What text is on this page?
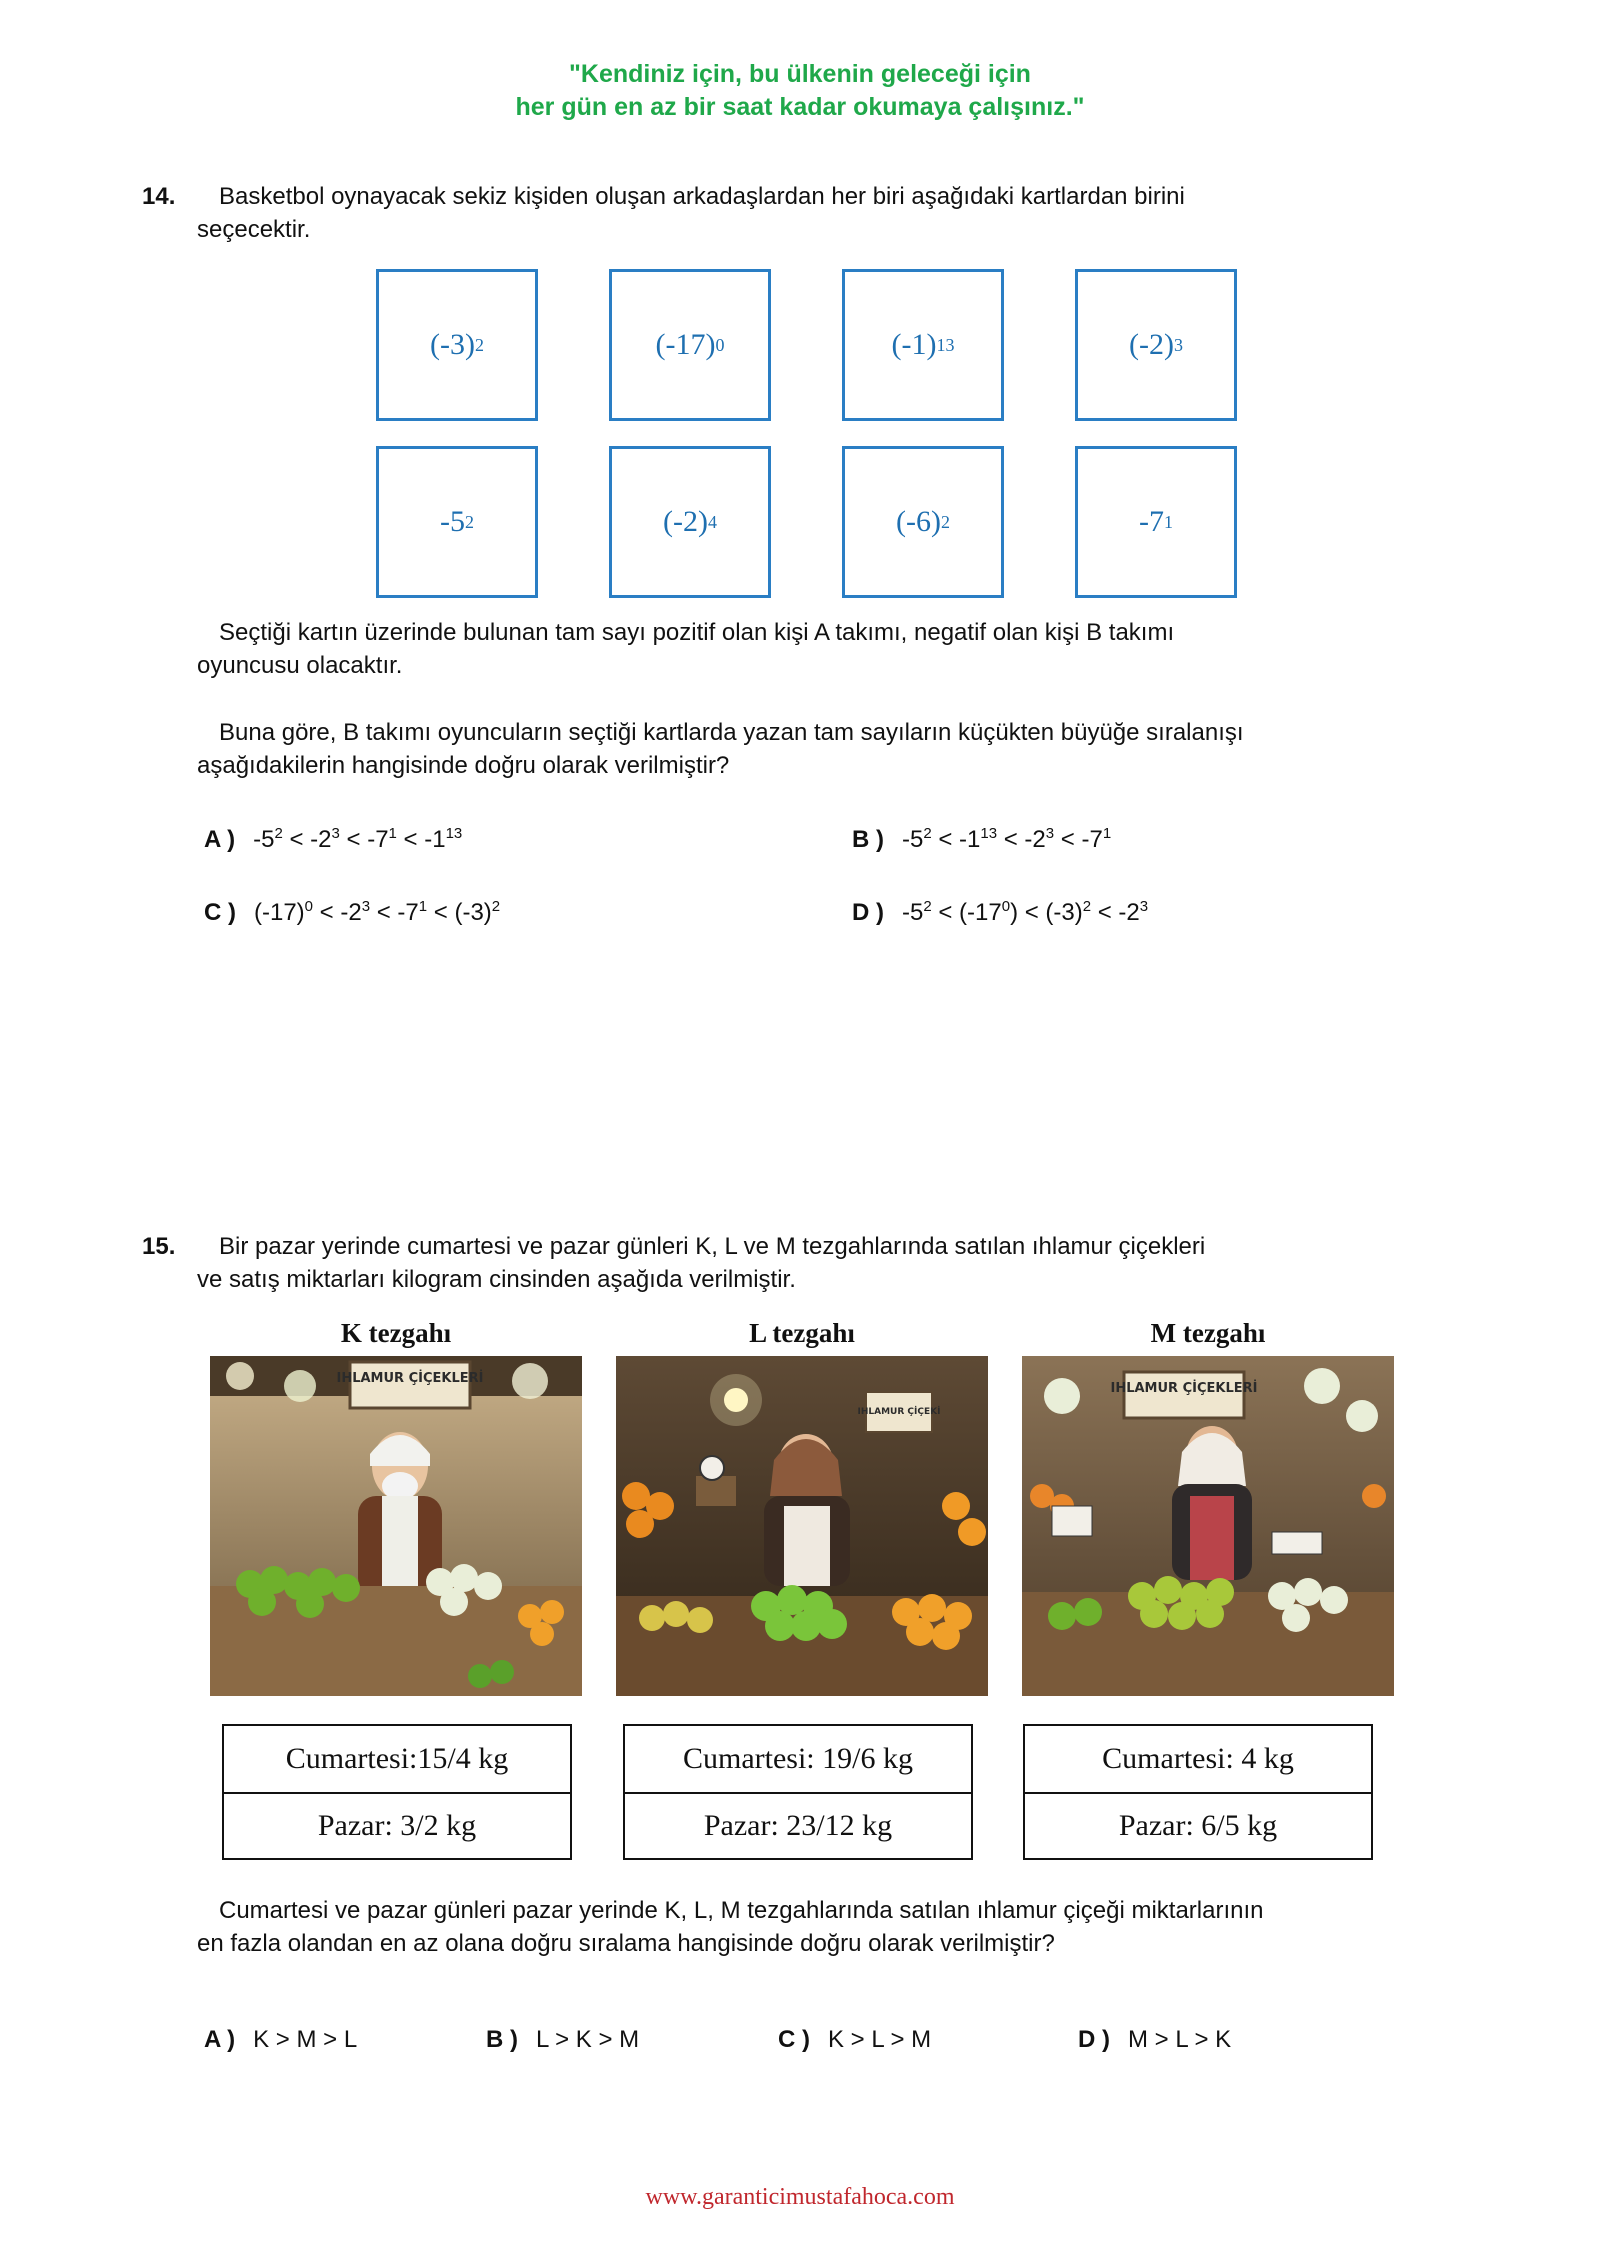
"Kendiniz için, bu ülkenin geleceği için
her gün en az bir saat kadar okumaya çalışınız."
14.	Basketbol oynayacak sekiz kişiden oluşan arkadaşlardan her biri aşağıdaki kartlardan birini
seçecektir.
(-3) 2	(-17) 0	(-1) 13	(-2) 3
-5 2	(-2) 4	(-6) 2	-7 1
Seçtiği kartın üzerinde bulunan tam sayı pozitif olan kişi A takımı, negatif olan kişi B takımı
oyuncusu olacaktır.
Buna göre, B takımı oyuncuların seçtiği kartlarda yazan tam sayıların küçükten büyüğe sıralanışı
aşağıdakilerin hangisinde doğru olarak verilmiştir?
A ) $-5^2 < -2^3 < -7^1 < -1^{13}$	B ) $-5^2 < -1^{13} < -2^3 < -7^1$
C ) $(-17)^0 < -2^3 < -7^1 < (-3)^2$	D ) $-5^2 < (-17^0) < (-3)^2 < -2^3$
15.	Bir pazar yerinde cumartesi ve pazar günleri K, L ve M tezgahlarında satılan ıhlamur çiçekleri
ve satış miktarları kilogram cinsinden aşağıda verilmiştir.
K tezgahı	L tezgahı	M tezgahı
IHLAMUR ÇİÇEKLERİ
IHLAMUR ÇİÇEKİ
IHLAMUR ÇİÇEKLERİ
Cumartesi:15/4 kg
Pazar: 3/2 kg
Cumartesi: 19/6 kg
Pazar: 23/12 kg
Cumartesi: 4 kg
Pazar: 6/5 kg
Cumartesi ve pazar günleri pazar yerinde K, L, M tezgahlarında satılan ıhlamur çiçeği miktarlarının
en fazla olandan en az olana doğru sıralama hangisinde doğru olarak verilmiştir?
A ) K > M > L	B ) L > K > M	C ) K > L > M	D ) M > L > K
www.garanticimustafahoca.com
